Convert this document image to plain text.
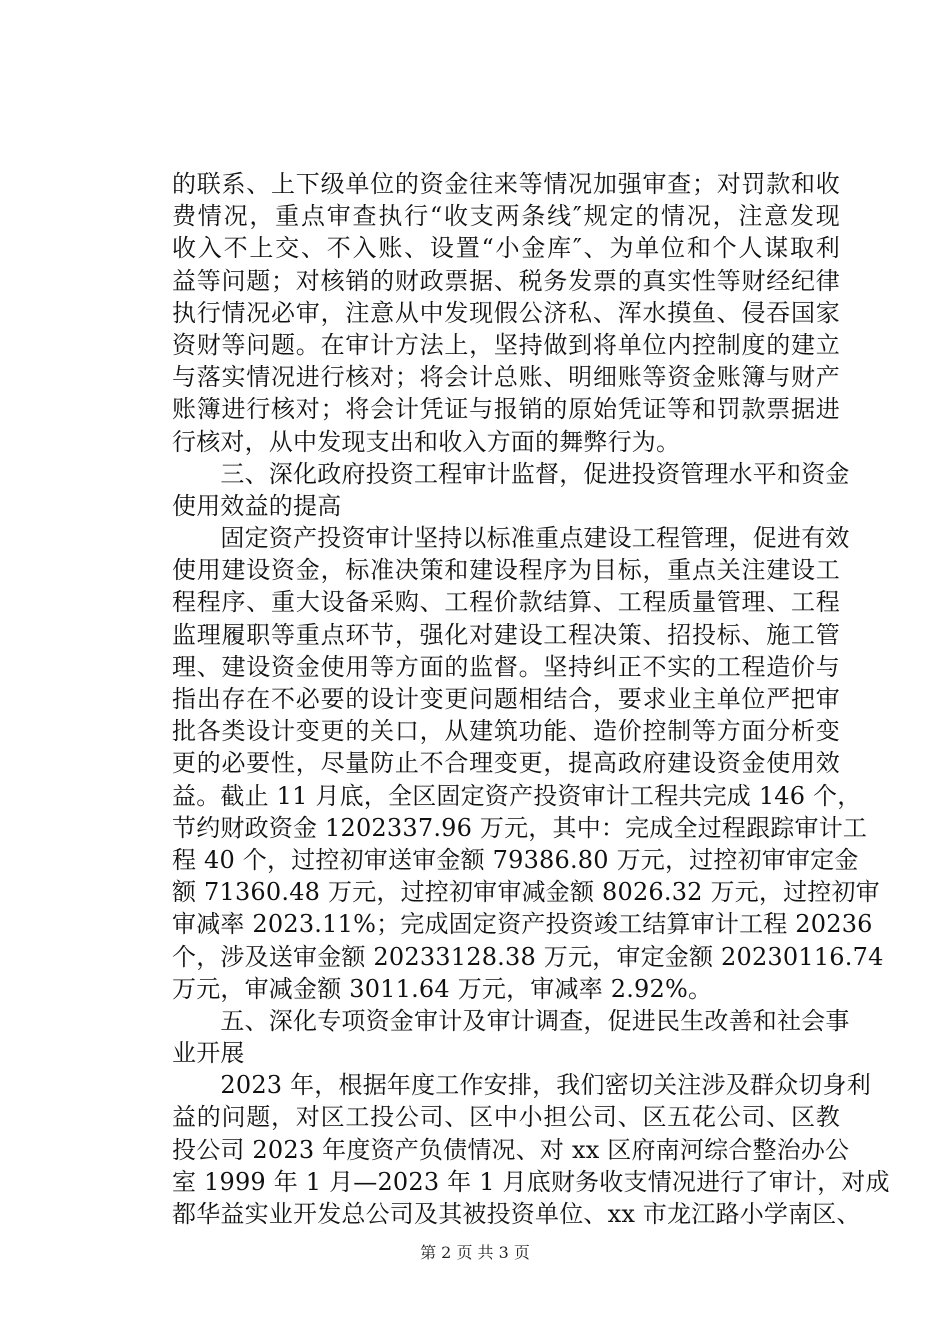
的联系、上下级单位的资金往来等情况加强审查；对罚款和收
费情况，重点审查执行“收支两条线″规定的情况，注意发现
收入不上交、不入账、设置“小金库″、为单位和个人谋取利
益等问题；对核销的财政票据、税务发票的真实性等财经纪律
执行情况必审，注意从中发现假公济私、浑水摸鱼、侵吞国家
资财等问题。在审计方法上，坚持做到将单位内控制度的建立
与落实情况进行核对；将会计总账、明细账等资金账簿与财产
账簿进行核对；将会计凭证与报销的原始凭证等和罚款票据进
行核对，从中发现支出和收入方面的舞弊行为。
　　三、深化政府投资工程审计监督，促进投资管理水平和资金
使用效益的提高
　　固定资产投资审计坚持以标准重点建设工程管理，促进有效
使用建设资金，标准决策和建设程序为目标，重点关注建设工
程程序、重大设备采购、工程价款结算、工程质量管理、工程
监理履职等重点环节，强化对建设工程决策、招投标、施工管
理、建设资金使用等方面的监督。坚持纠正不实的工程造价与
指出存在不必要的设计变更问题相结合，要求业主单位严把审
批各类设计变更的关口，从建筑功能、造价控制等方面分析变
更的必要性，尽量防止不合理变更，提高政府建设资金使用效
益。截止 11 月底，全区固定资产投资审计工程共完成 146 个，
节约财政资金 1202337.96 万元，其中：完成全过程跟踪审计工
程 40 个，过控初审送审金额 79386.80 万元，过控初审审定金
额 71360.48 万元，过控初审审减金额 8026.32 万元，过控初审
审减率 2023.11%；完成固定资产投资竣工结算审计工程 20236
个，涉及送审金额 20233128.38 万元，审定金额 20230116.74
万元，审减金额 3011.64 万元，审减率 2.92%。
　　五、深化专项资金审计及审计调查，促进民生改善和社会事
业开展
　　2023 年，根据年度工作安排，我们密切关注涉及群众切身利
益的问题，对区工投公司、区中小担公司、区五花公司、区教
投公司 2023 年度资产负债情况、对 xx 区府南河综合整治办公
室 1999 年 1 月—2023 年 1 月底财务收支情况进行了审计，对成
都华益实业开发总公司及其被投资单位、xx 市龙江路小学南区、
第 2 页 共 3 页
